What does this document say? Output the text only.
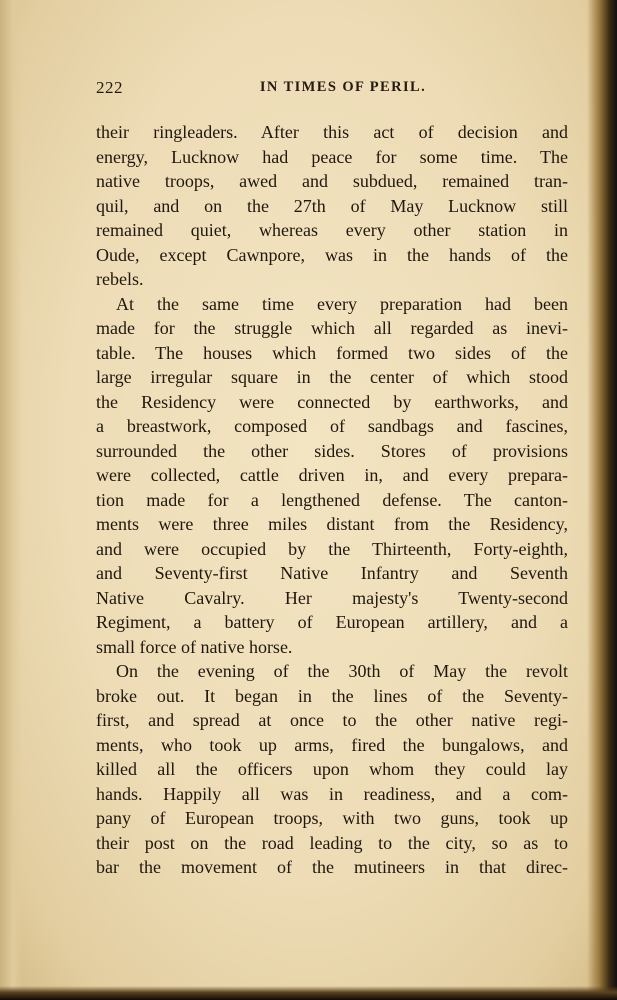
222	IN TIMES OF PERIL.
their ringleaders. After this act of decision and
energy, Lucknow had peace for some time. The
native troops, awed and subdued, remained tran-
quil, and on the 27th of May Lucknow still
remained quiet, whereas every other station in
Oude, except Cawnpore, was in the hands of the
rebels.
At the same time every preparation had been
made for the struggle which all regarded as inevi-
table. The houses which formed two sides of the
large irregular square in the center of which stood
the Residency were connected by earthworks, and
a breastwork, composed of sandbags and fascines,
surrounded the other sides. Stores of provisions
were collected, cattle driven in, and every prepara-
tion made for a lengthened defense. The canton-
ments were three miles distant from the Residency,
and were occupied by the Thirteenth, Forty-eighth,
and Seventy-first Native Infantry and Seventh
Native Cavalry. Her majesty's Twenty-second
Regiment, a battery of European artillery, and a
small force of native horse.
On the evening of the 30th of May the revolt
broke out. It began in the lines of the Seventy-
first, and spread at once to the other native regi-
ments, who took up arms, fired the bungalows, and
killed all the officers upon whom they could lay
hands. Happily all was in readiness, and a com-
pany of European troops, with two guns, took up
their post on the road leading to the city, so as to
bar the movement of the mutineers in that direc-
